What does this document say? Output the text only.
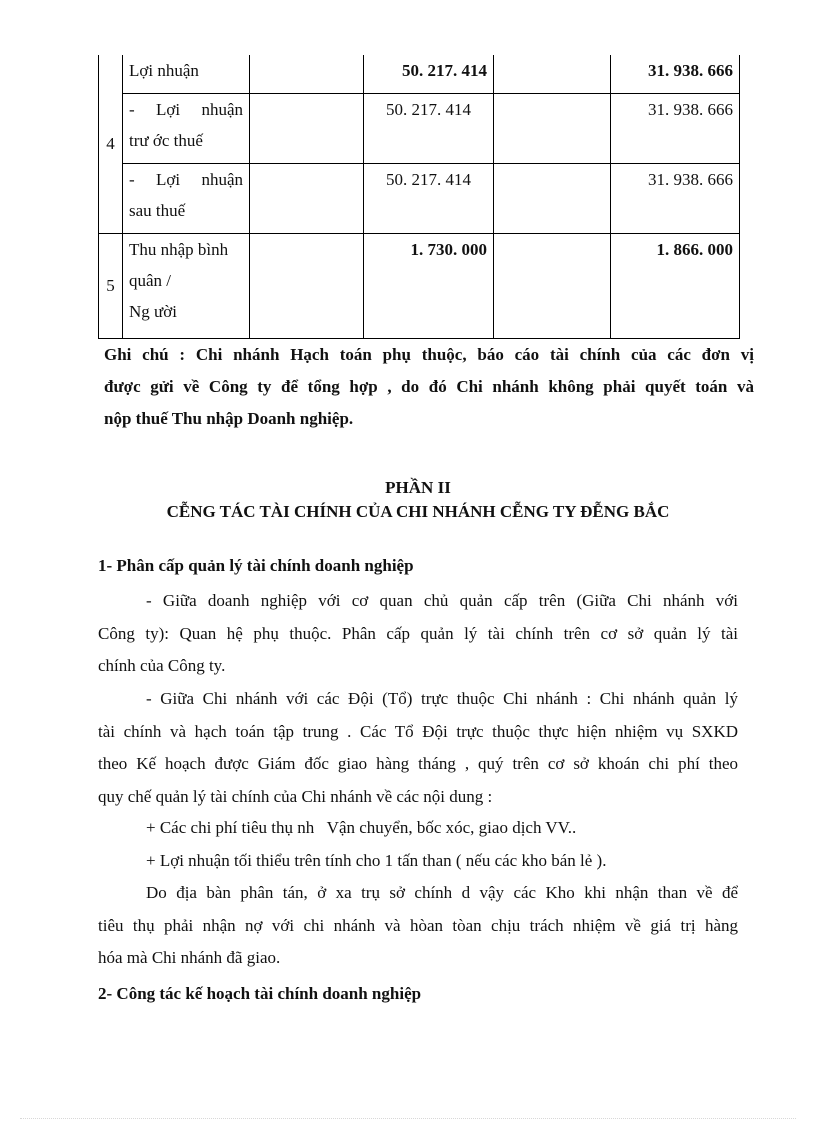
4	Lợi nhuận		50. 217. 414		31. 938. 666

	- Lợi nhuận
trư ớc thuế		50. 217. 414		31. 938. 666

	- Lợi nhuận
sau thuế		50. 217. 414		31. 938. 666
5	Thu nhập bình
quân /
Ng ười		1. 730. 000		1. 866. 000

Ghi chú : Chi nhánh Hạch toán phụ thuộc, báo cáo tài chính của các đơn vị

được gửi về Công ty để tổng hợp , do đó Chi nhánh không phải quyết toán và

nộp thuế Thu nhập Doanh nghiệp.

PHẦN II
CỄNG TÁC TÀI CHÍNH CỦA CHI NHÁNH CỄNG TY ĐỄNG BẮC
1- Phân cấp quản lý tài chính doanh nghiệp

- Giữa doanh nghiệp với cơ quan chủ quản cấp trên (Giữa Chi nhánh với

Công ty): Quan hệ phụ thuộc. Phân cấp quản lý tài chính trên cơ sở quản lý tài

chính của Công ty.

- Giữa Chi nhánh với các Đội (Tổ) trực thuộc Chi nhánh : Chi nhánh quản lý

tài chính và hạch toán tập trung . Các Tổ Đội trực thuộc thực hiện nhiệm vụ SXKD

theo Kế hoạch được Giám đốc giao hàng tháng , quý trên cơ sở khoán chi phí theo

quy chế quản lý tài chính của Chi nhánh về các nội dung :

+ Các chi phí tiêu thụ nh   Vận chuyển, bốc xóc, giao dịch VV..
+ Lợi nhuận tối thiểu trên tính cho 1 tấn than ( nếu các kho bán lẻ ).

Do địa bàn phân tán, ở xa trụ sở chính d vậy các Kho khi nhận than về để

tiêu thụ phải nhận nợ với chi nhánh và hòan tòan chịu trách nhiệm về giá trị hàng

hóa mà Chi nhánh đã giao.

2- Công tác kế hoạch tài chính doanh nghiệp
